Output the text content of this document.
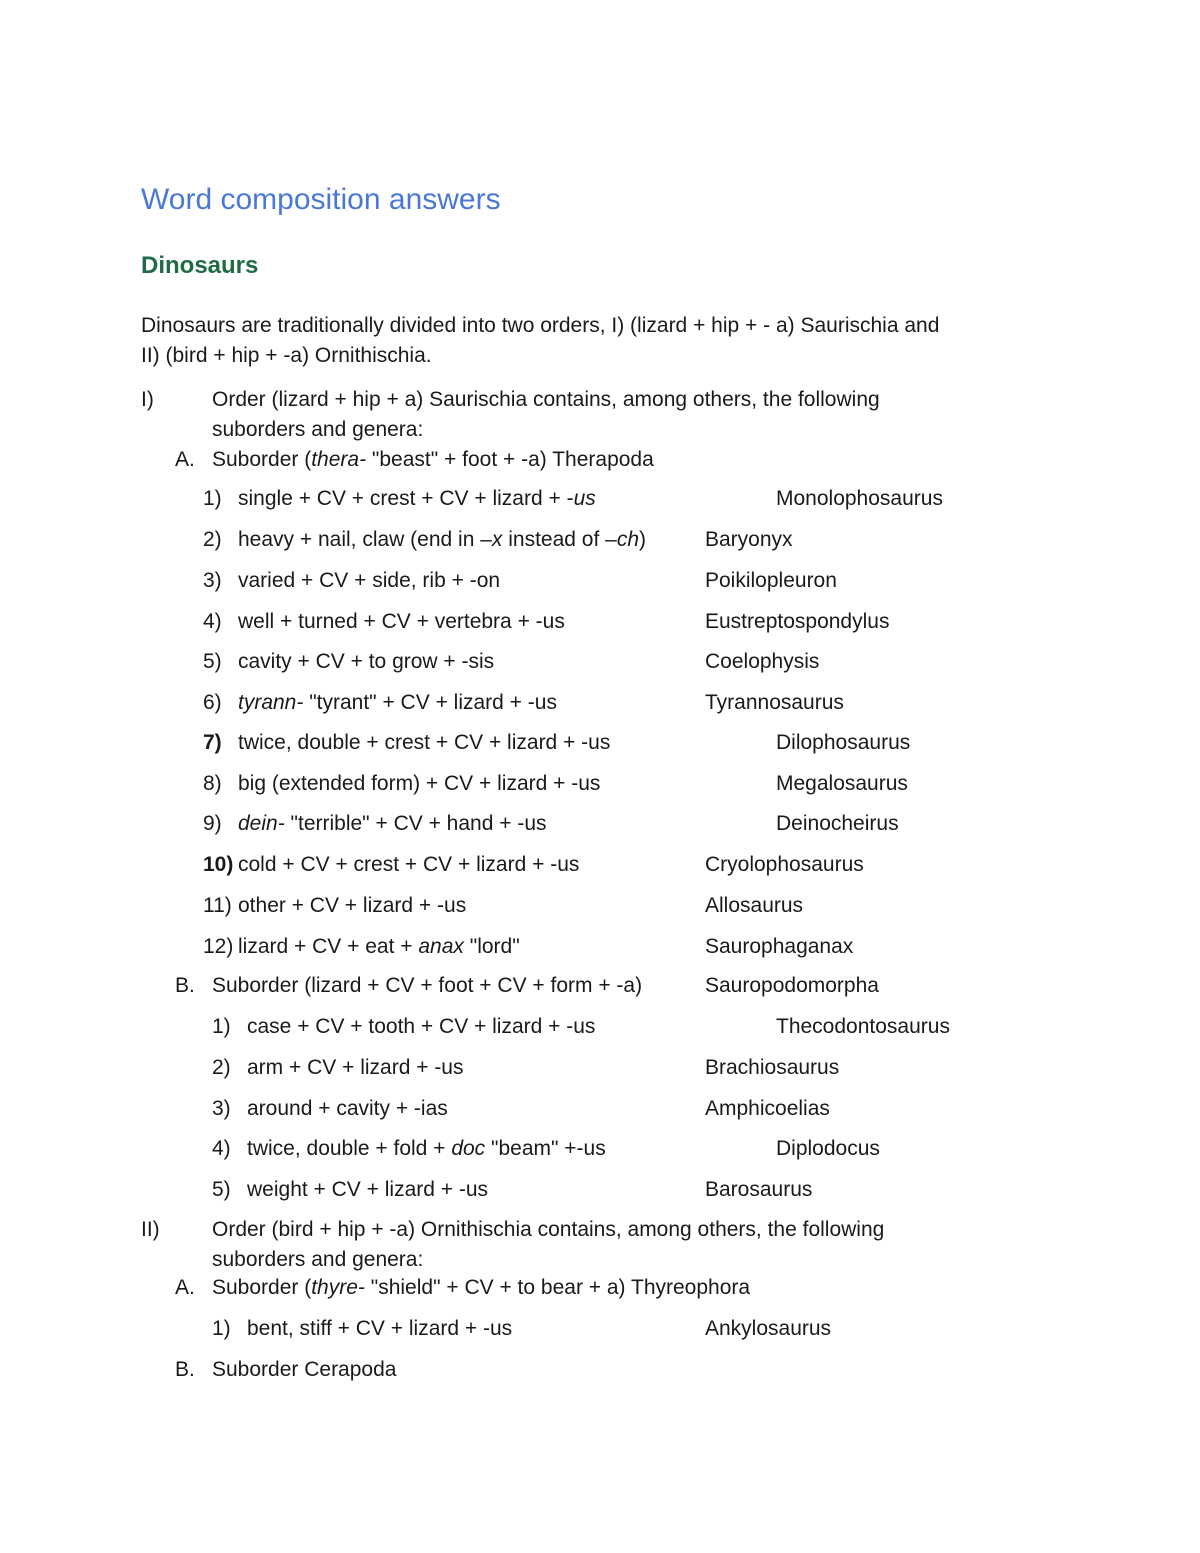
Word composition answers
Dinosaurs
Dinosaurs are traditionally divided into two orders, I) (lizard + hip + - a) Saurischia and
II) (bird + hip + -a) Ornithischia.
I)	Order (lizard + hip + a) Saurischia contains, among others, the following
suborders and genera:
A. Suborder (thera- "beast" + foot + -a) Therapoda
1) single + CV + crest + CV + lizard + -us	Monolophosaurus
2) heavy + nail, claw (end in –x instead of –ch)	Baryonyx
3) varied + CV + side, rib + -on	Poikilopleuron
4) well + turned + CV + vertebra + -us	Eustreptospondylus
5) cavity + CV + to grow + -sis	Coelophysis
6) tyrann- "tyrant" + CV + lizard + -us	Tyrannosaurus
7) twice, double + crest + CV + lizard + -us	Dilophosaurus
8) big (extended form) + CV + lizard + -us	Megalosaurus
9) dein- "terrible" + CV + hand + -us	Deinocheirus
10) cold + CV + crest + CV + lizard + -us	Cryolophosaurus
11) other + CV + lizard + -us	Allosaurus
12) lizard + CV + eat + anax "lord"	Saurophaganax
B. Suborder (lizard + CV + foot + CV + form + -a)	Sauropodomorpha
1) case + CV + tooth + CV + lizard + -us	Thecodontosaurus
2) arm + CV + lizard + -us	Brachiosaurus
3) around + cavity + -ias	Amphicoelias
4) twice, double + fold + doc "beam" +-us	Diplodocus
5) weight + CV + lizard + -us	Barosaurus
II) Order (bird + hip + -a) Ornithischia contains, among others, the following
suborders and genera:
A. Suborder (thyre- "shield" + CV + to bear + a) Thyreophora
1) bent, stiff + CV + lizard + -us	Ankylosaurus
B. Suborder Cerapoda
